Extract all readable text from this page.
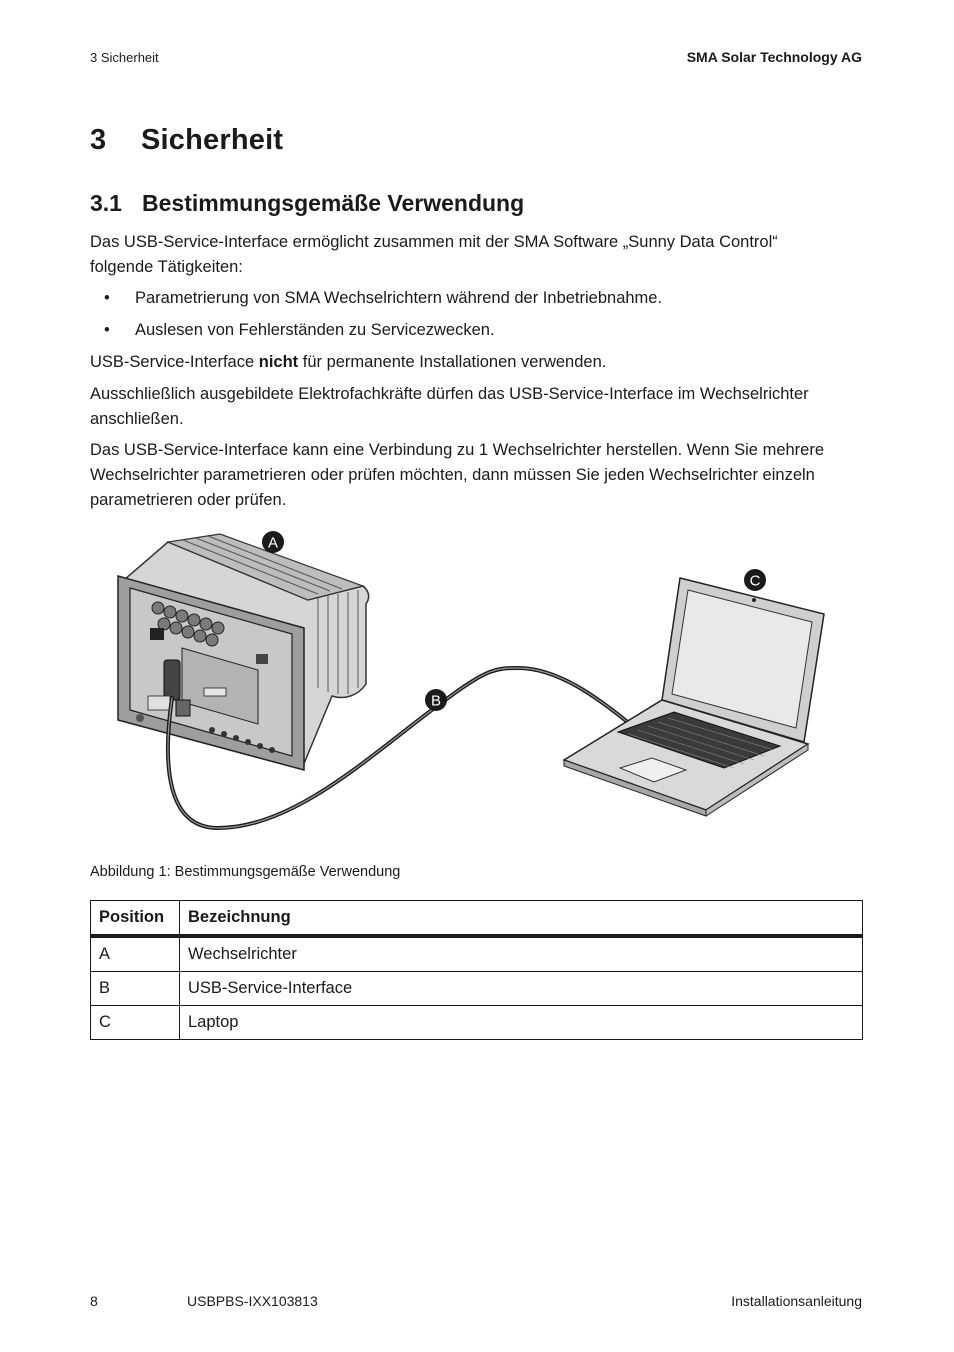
3 Sicherheit	SMA Solar Technology AG
3 Sicherheit
3.1 Bestimmungsgemäße Verwendung
Das USB-Service-Interface ermöglicht zusammen mit der SMA Software „Sunny Data Control“
folgende Tätigkeiten:
• Parametrierung von SMA Wechselrichtern während der Inbetriebnahme.
• Auslesen von Fehlerständen zu Servicezwecken.
USB-Service-Interface nicht für permanente Installationen verwenden.
Ausschließlich ausgebildete Elektrofachkräfte dürfen das USB-Service-Interface im Wechselrichter
anschließen.
Das USB-Service-Interface kann eine Verbindung zu 1 Wechselrichter herstellen. Wenn Sie mehrere
Wechselrichter parametrieren oder prüfen möchten, dann müssen Sie jeden Wechselrichter einzeln
parametrieren oder prüfen.
A
B
C
Abbildung 1: Bestimmungsgemäße Verwendung
Position	Bezeichnung
A	Wechselrichter
B	USB-Service-Interface
C	Laptop
8	USBPBS-IXX103813	Installationsanleitung
